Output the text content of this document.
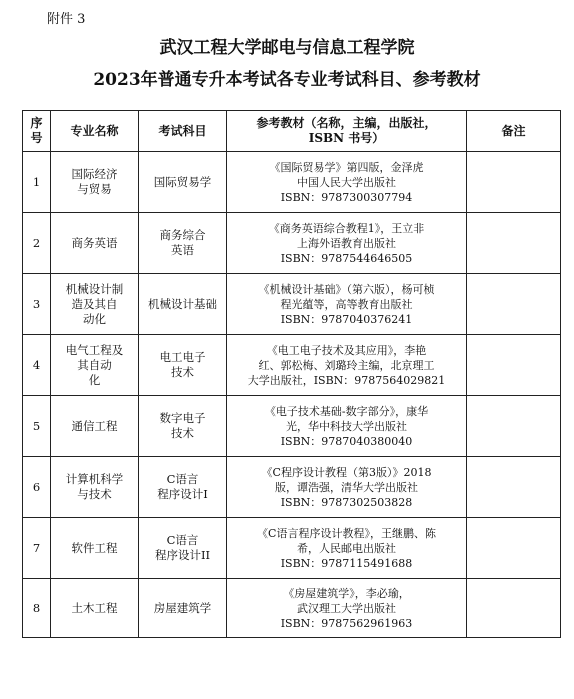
附件 3
武汉工程大学邮电与信息工程学院
2023年普通专升本考试各专业考试科目、参考教材
序
号	专业名称	考试科目	参考教材（名称，主编，出版社，
ISBN 书号）	备注
1	国际经济
与贸易	国际贸易学	《国际贸易学》第四版，金泽虎
中国人民大学出版社
ISBN：9787300307794	
2	商务英语	商务综合
英语	《商务英语综合教程1》，王立非
上海外语教育出版社
ISBN：9787544646505	
3	机械设计制
造及其自
动化	机械设计基础	《机械设计基础》（第六版），杨可桢
程光蕴等，高等教育出版社
ISBN：9787040376241	
4	电气工程及
其自动
化	电工电子
技术	《电工电子技术及其应用》，李艳
红、郭松梅、刘璐玲主编，北京理工
大学出版社，ISBN：9787564029821	
5	通信工程	数字电子
技术	《电子技术基础-数字部分》，康华
光，华中科技大学出版社
ISBN：9787040380040	
6	计算机科学
与技术	C语言
程序设计I	《C程序设计教程（第3版）》2018
版，谭浩强，清华大学出版社
ISBN：9787302503828	
7	软件工程	C语言
程序设计II	《C语言程序设计教程》，王继鹏、陈
希，人民邮电出版社
ISBN：9787115491688	
8	土木工程	房屋建筑学	《房屋建筑学》，李必瑜，
武汉理工大学出版社
ISBN：9787562961963	
